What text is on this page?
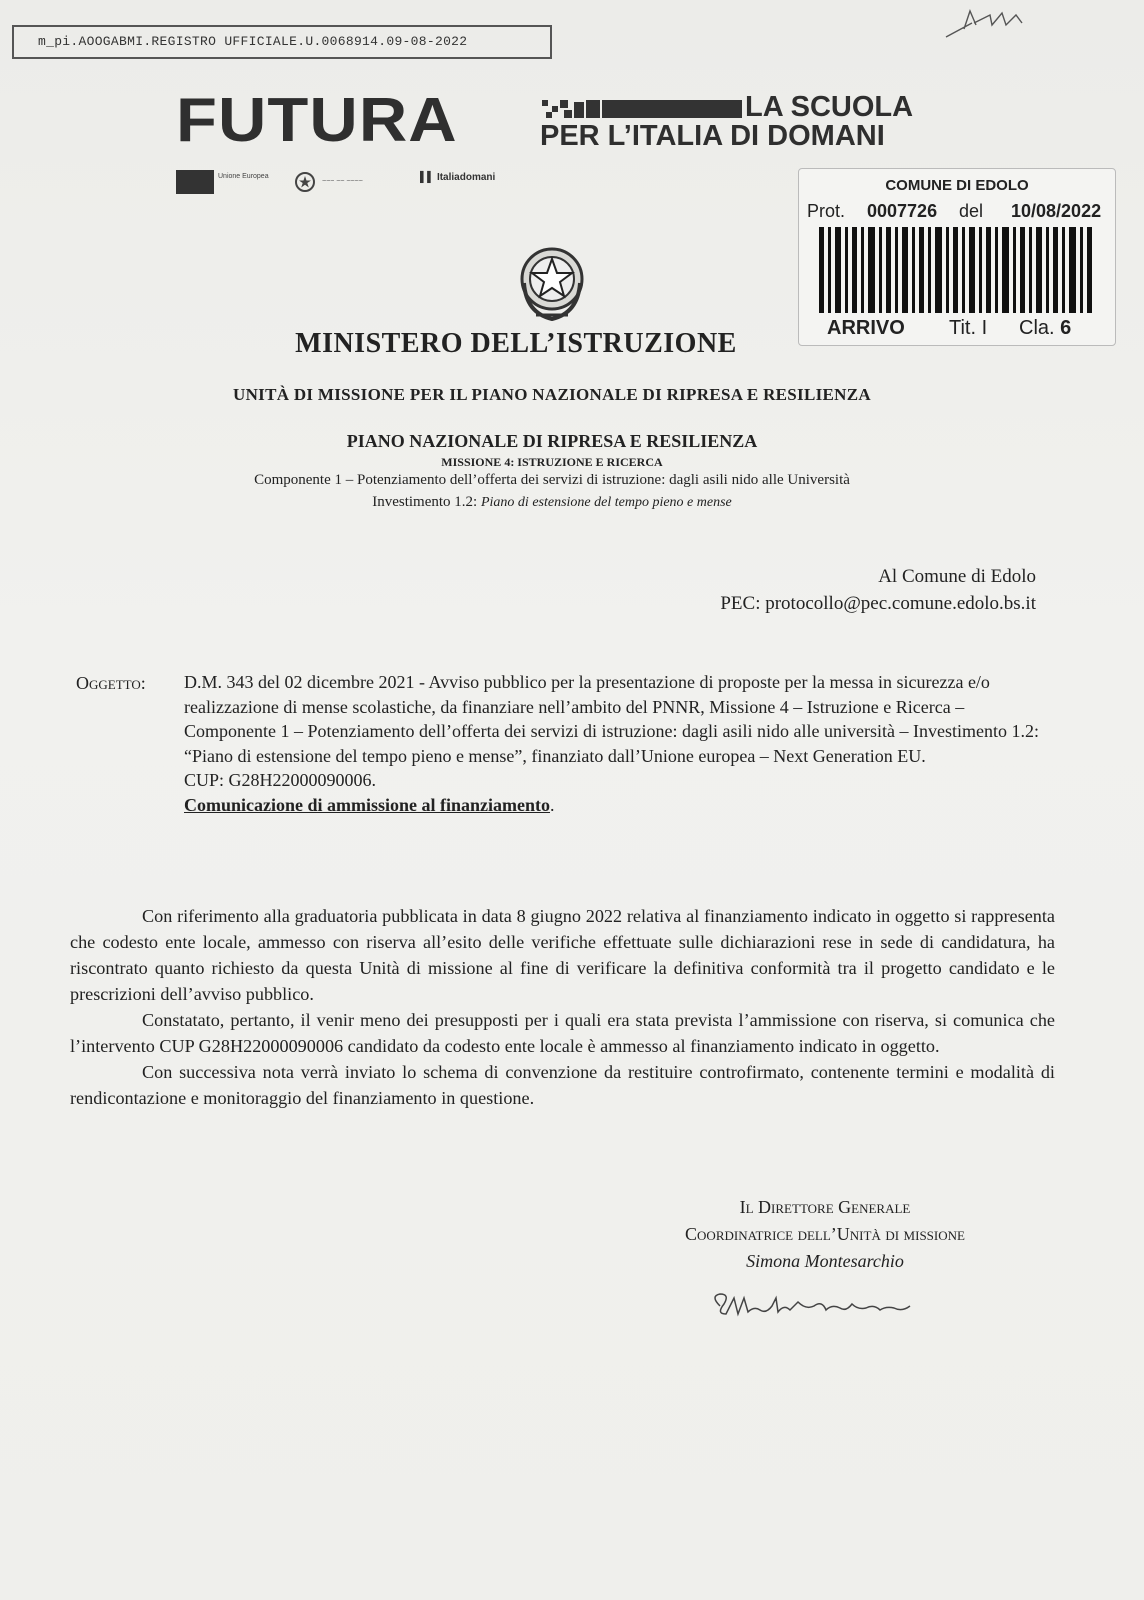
m_pi.AOOGABMI.REGISTRO UFFICIALE.U.0068914.09-08-2022
FUTURA	LA SCUOLA
PER L’ITALIA DI DOMANI
Unione Europea
~~~ ~~ ~~~~	▌▌ Italiadomani	COMUNE DI EDOLO
Prot. 0007726 del 10/08/2022
ARRIVO Tit. I Cla. 6
MINISTERO DELL’ISTRUZIONE
UNITÀ DI MISSIONE PER IL PIANO NAZIONALE DI RIPRESA E RESILIENZA
PIANO NAZIONALE DI RIPRESA E RESILIENZA
MISSIONE 4: ISTRUZIONE E RICERCA
Componente 1 – Potenziamento dell’offerta dei servizi di istruzione: dagli asili nido alle Università
Investimento 1.2: Piano di estensione del tempo pieno e mense
Al Comune di Edolo
PEC: protocollo@pec.comune.edolo.bs.it
Oggetto: D.M. 343 del 02 dicembre 2021 - Avviso pubblico per la presentazione di proposte per la messa in sicurezza e/o realizzazione di mense scolastiche, da finanziare nell’ambito del PNNR, Missione 4 – Istruzione e Ricerca – Componente 1 – Potenziamento dell’offerta dei servizi di istruzione: dagli asili nido alle università – Investimento 1.2: “Piano di estensione del tempo pieno e mense”, finanziato dall’Unione europea – Next Generation EU.
CUP: G28H22000090006.
Comunicazione di ammissione al finanziamento.

Con riferimento alla graduatoria pubblicata in data 8 giugno 2022 relativa al finanziamento indicato in oggetto si rappresenta che codesto ente locale, ammesso con riserva all’esito delle verifiche effettuate sulle dichiarazioni rese in sede di candidatura, ha riscontrato quanto richiesto da questa Unità di missione al fine di verificare la definitiva conformità tra il progetto candidato e le prescrizioni dell’avviso pubblico.

Constatato, pertanto, il venir meno dei presupposti per i quali era stata prevista l’ammissione con riserva, si comunica che l’intervento CUP G28H22000090006 candidato da codesto ente locale è ammesso al finanziamento indicato in oggetto.

Con successiva nota verrà inviato lo schema di convenzione da restituire controfirmato, contenente termini e modalità di rendicontazione e monitoraggio del finanziamento in questione.

Il Direttore Generale
Coordinatrice dell’Unità di missione
Simona Montesarchio
